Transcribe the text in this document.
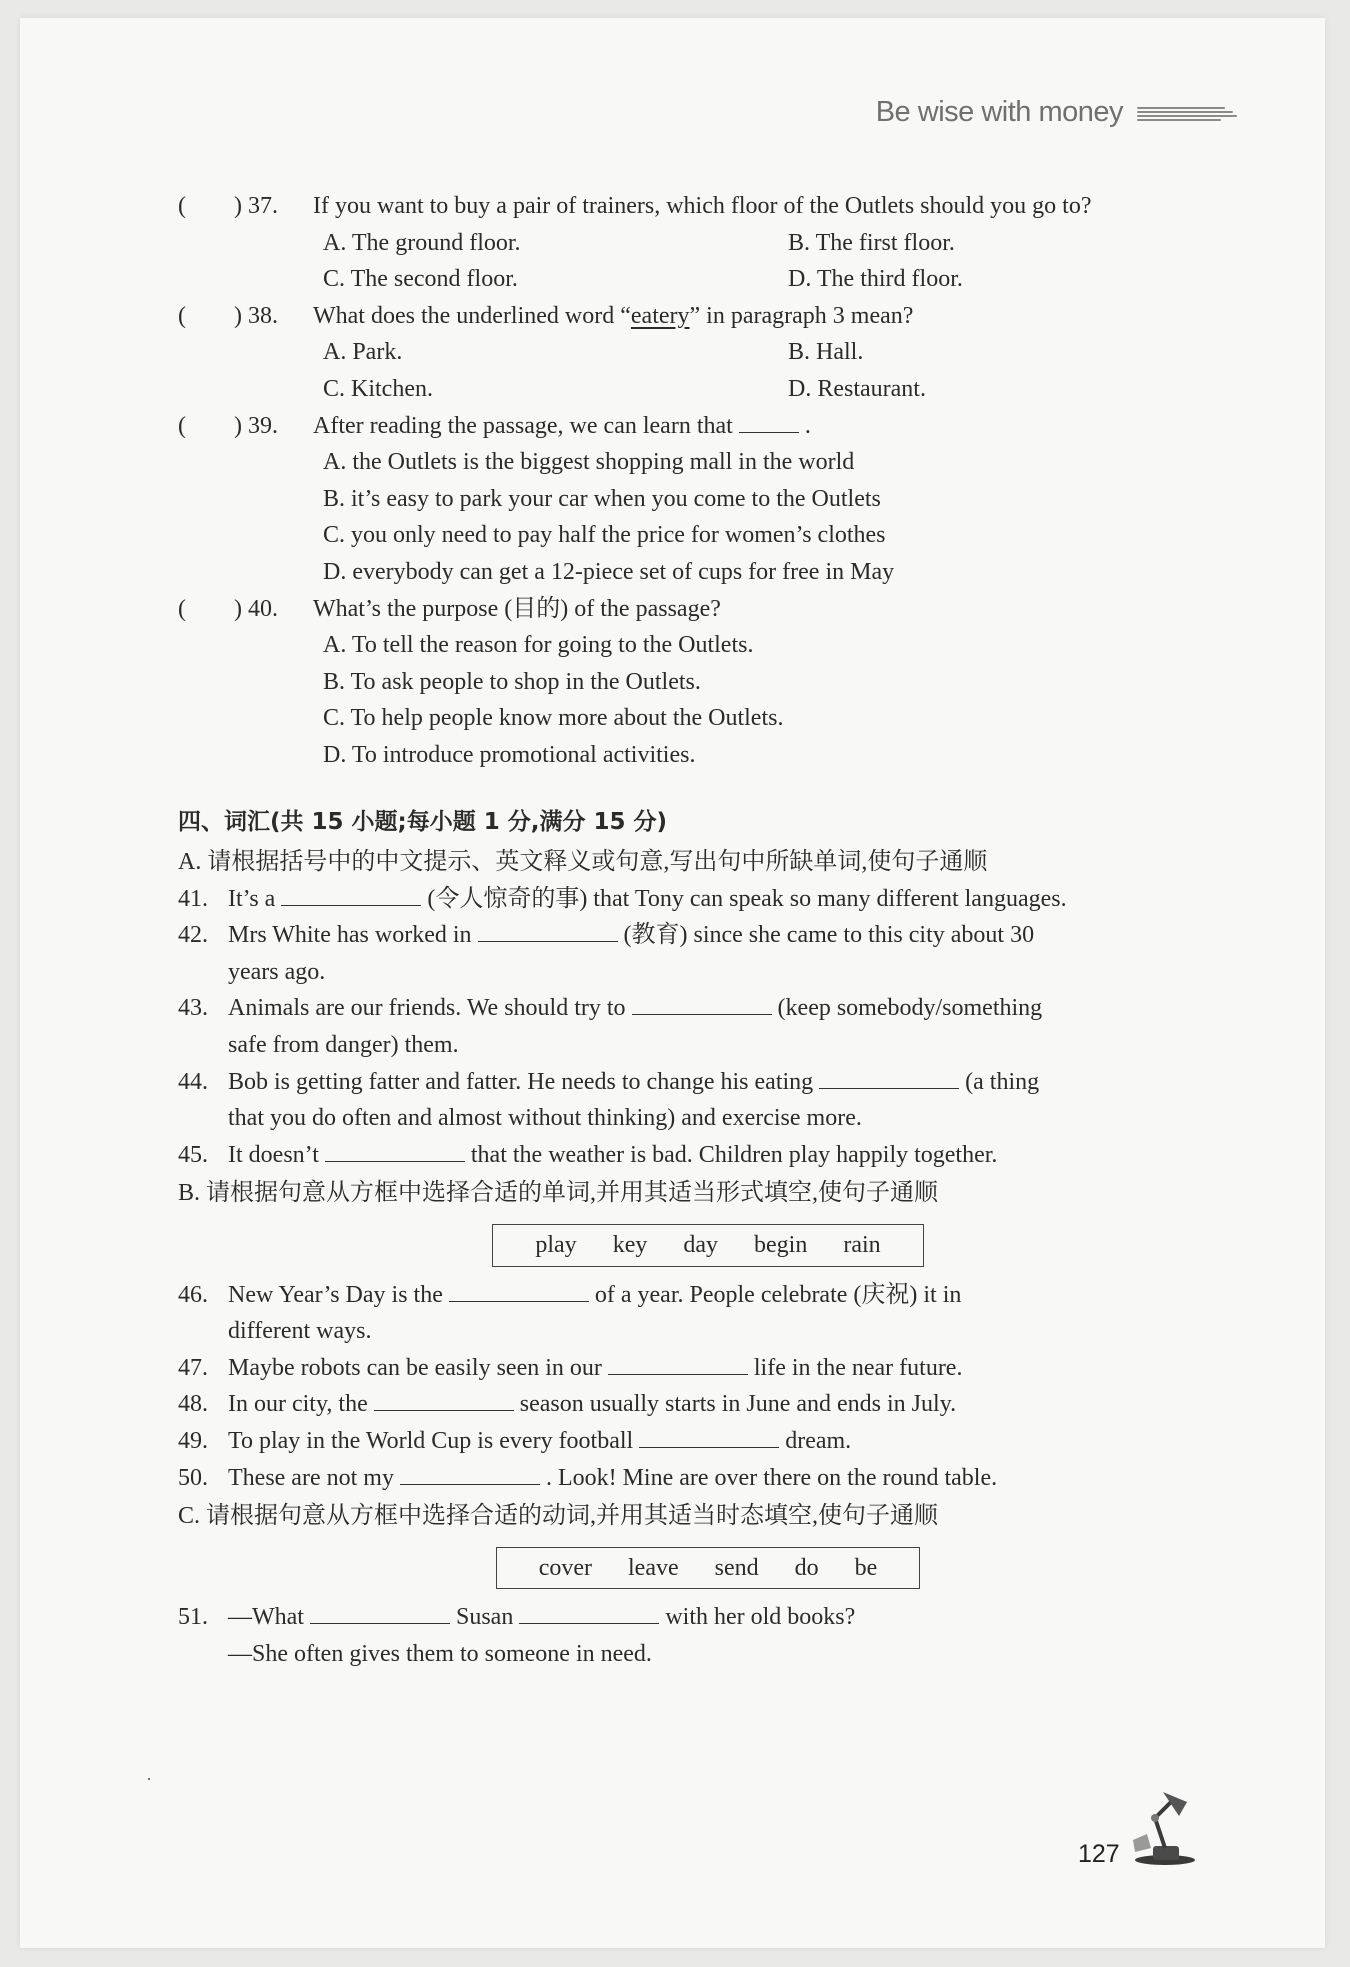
Be wise with money
(　　) 37.	If you want to buy a pair of trainers, which floor of the Outlets should you go to?
A. The ground floor.	B. The first floor.
C. The second floor.	D. The third floor.
(　　) 38.	What does the underlined word “eatery” in paragraph 3 mean?
A. Park.	B. Hall.
C. Kitchen.	D. Restaurant.
(　　) 39.	After reading the passage, we can learn that	.
A. the Outlets is the biggest shopping mall in the world
B. it’s easy to park your car when you come to the Outlets
C. you only need to pay half the price for women’s clothes
D. everybody can get a 12-piece set of cups for free in May
(　　) 40.	What’s the purpose (目的) of the passage?
A. To tell the reason for going to the Outlets.
B. To ask people to shop in the Outlets.
C. To help people know more about the Outlets.
D. To introduce promotional activities.
四、词汇(共 15 小题;每小题 1 分,满分 15 分)
A. 请根据括号中的中文提示、英文释义或句意,写出句中所缺单词,使句子通顺
41. It’s a	(令人惊奇的事) that Tony can speak so many different languages.
42. Mrs White has worked in	(教育) since she came to this city about 30
years ago.
43. Animals are our friends. We should try to	(keep somebody/something
safe from danger) them.
44. Bob is getting fatter and fatter. He needs to change his eating	(a thing
that you do often and almost without thinking) and exercise more.
45. It doesn’t	that the weather is bad. Children play happily together.
B. 请根据句意从方框中选择合适的单词,并用其适当形式填空,使句子通顺
play key day begin rain
46. New Year’s Day is the	of a year. People celebrate (庆祝) it in
different ways.
47. Maybe robots can be easily seen in our	life in the near future.
48. In our city, the	season usually starts in June and ends in July.
49. To play in the World Cup is every football	dream.
50. These are not my	. Look! Mine are over there on the round table.
C. 请根据句意从方框中选择合适的动词,并用其适当时态填空,使句子通顺
cover leave send do be
51. —What	Susan	with her old books?
—She often gives them to someone in need.
127
